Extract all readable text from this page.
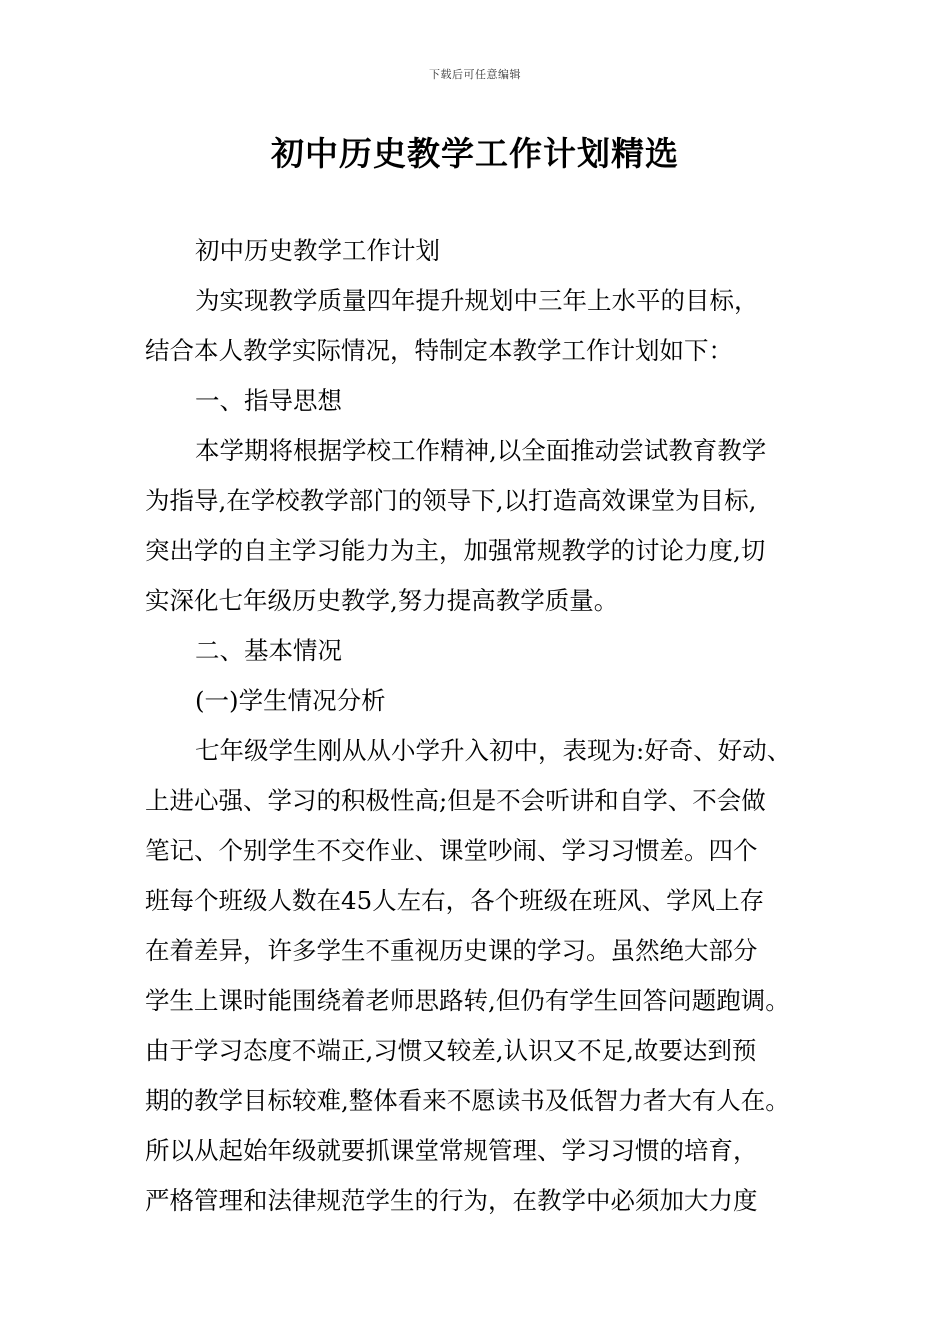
下载后可任意编辑
初中历史教学工作计划精选
初中历史教学工作计划
为实现教学质量四年提升规划中三年上水平的目标，
结合本人教学实际情况，特制定本教学工作计划如下：
一、指导思想
本学期将根据学校工作精神,以全面推动尝试教育教学
为指导,在学校教学部门的领导下,以打造高效课堂为目标,
突出学的自主学习能力为主，加强常规教学的讨论力度,切
实深化七年级历史教学,努力提高教学质量。
二、基本情况
(一)学生情况分析
七年级学生刚从从小学升入初中，表现为:好奇、好动、
上进心强、学习的积极性高;但是不会听讲和自学、不会做
笔记、个别学生不交作业、课堂吵闹、学习习惯差。四个
班每个班级人数在45人左右，各个班级在班风、学风上存
在着差异，许多学生不重视历史课的学习。虽然绝大部分
学生上课时能围绕着老师思路转,但仍有学生回答问题跑调。
由于学习态度不端正,习惯又较差,认识又不足,故要达到预
期的教学目标较难,整体看来不愿读书及低智力者大有人在。
所以从起始年级就要抓课堂常规管理、学习习惯的培育，
严格管理和法律规范学生的行为，在教学中必须加大力度
